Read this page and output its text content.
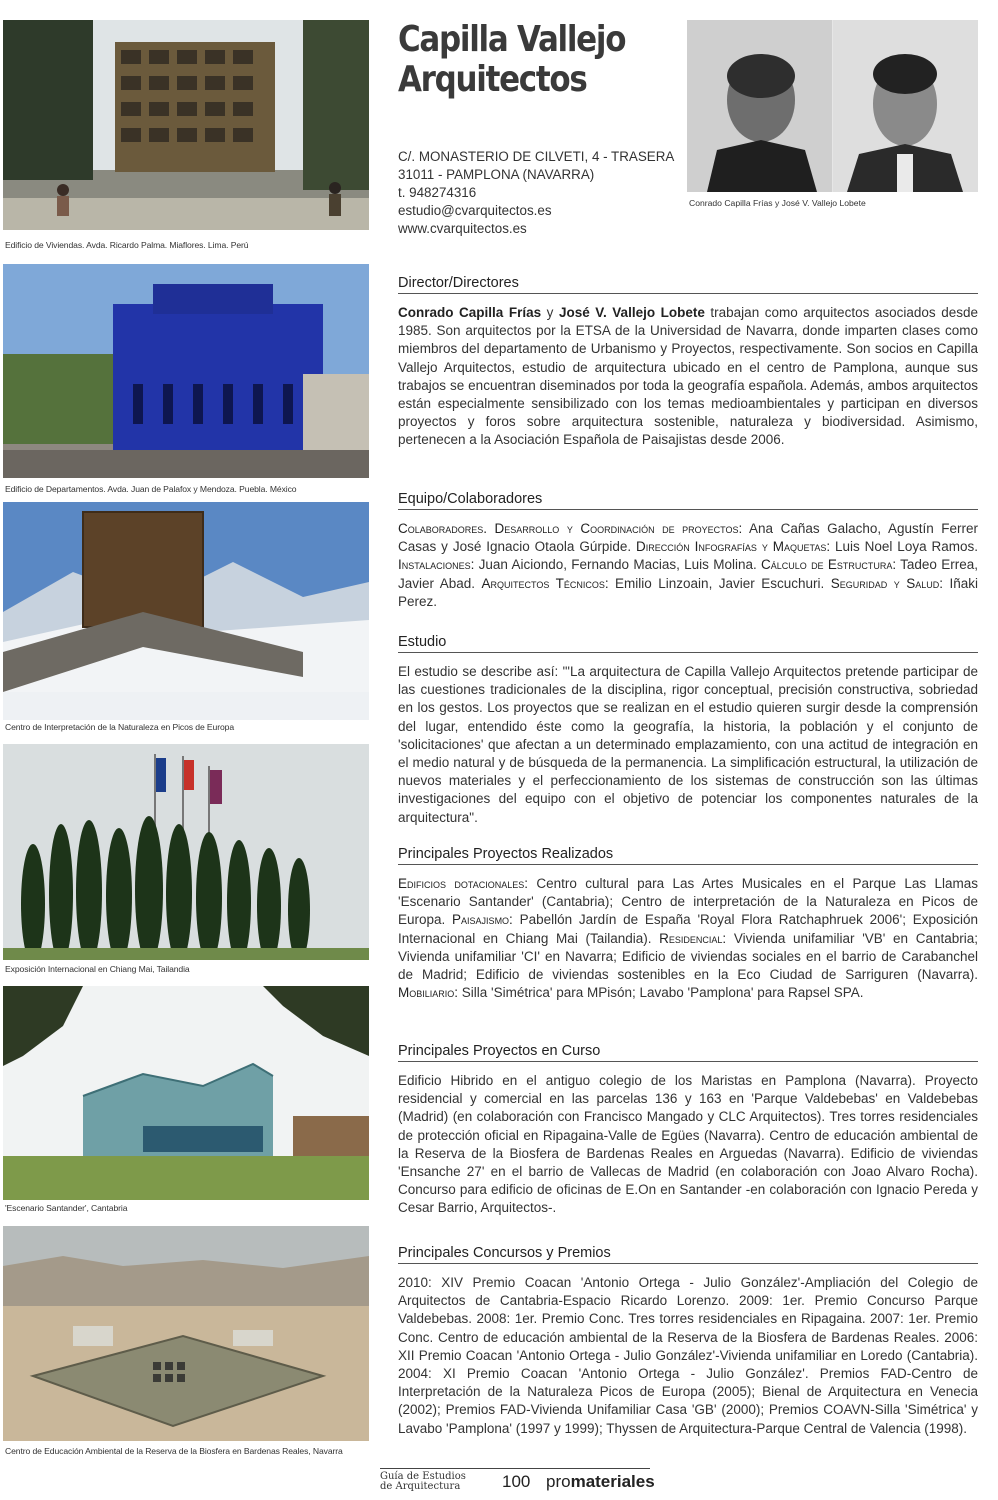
Edificio de Viviendas. Avda. Ricardo Palma. Miaflores. Lima. Perú
Edificio de Departamentos. Avda. Juan de Palafox y Mendoza. Puebla. México
Centro de Interpretación de la Naturaleza en Picos de Europa
Exposición Internacional en Chiang Mai, Tailandia
'Escenario Santander', Cantabria
Centro de Educación Ambiental de la Reserva de la Biosfera en Bardenas Reales, Navarra
Capilla Vallejo
Arquitectos
C/. MONASTERIO DE CILVETI, 4 - TRASERA
31011 - PAMPLONA (NAVARRA)
t. 948274316
estudio@cvarquitectos.es
www.cvarquitectos.es
Conrado Capilla Frías y José V. Vallejo Lobete
Director/Directores
Conrado Capilla Frías y José V. Vallejo Lobete trabajan como arquitectos asociados desde 1985. Son arquitectos por la ETSA de la Universidad de Navarra, donde imparten clases como miembros del departamento de Urbanismo y Proyectos, respectivamente. Son socios en Capilla Vallejo Arquitectos, estudio de arquitectura ubicado en el centro de Pamplona, aunque sus trabajos se encuentran diseminados por toda la geografía española. Además, ambos arquitectos están especialmente sensibilizado con los temas medioambientales y participan en diversos proyectos y foros sobre arquitectura sostenible, naturaleza y biodiversidad. Asimismo, pertenecen a la Asociación Española de Paisajistas desde 2006.
Equipo/Colaboradores
Colaboradores. Desarrollo y Coordinación de proyectos: Ana Cañas Galacho, Agustín Ferrer Casas y José Ignacio Otaola Gúrpide. Dirección Infografías y Maquetas: Luis Noel Loya Ramos. Instalaciones: Juan Aiciondo, Fernando Macias, Luis Molina. Cálculo de Estructura: Tadeo Errea, Javier Abad. Arquitectos Técnicos: Emilio Linzoain, Javier Escuchuri. Seguridad y Salud: Iñaki Perez.
Estudio
El estudio se describe así: "'La arquitectura de Capilla Vallejo Arquitectos pretende participar de las cuestiones tradicionales de la disciplina, rigor conceptual, precisión constructiva, sobriedad en los gestos. Los proyectos que se realizan en el estudio quieren surgir desde la comprensión del lugar, entendido éste como la geografía, la historia, la población y el conjunto de 'solicitaciones' que afectan a un determinado emplazamiento, con una actitud de integración en el medio natural y de búsqueda de la permanencia. La simplificación estructural, la utilización de nuevos materiales y el perfeccionamiento de los sistemas de construcción son las últimas investigaciones del equipo con el objetivo de potenciar los componentes naturales de la arquitectura".
Principales Proyectos Realizados
Edificios dotacionales: Centro cultural para Las Artes Musicales en el Parque Las Llamas 'Escenario Santander' (Cantabria); Centro de interpretación de la Naturaleza en Picos de Europa. Paisajismo: Pabellón Jardín de España 'Royal Flora Ratchaphruek 2006'; Exposición Internacional en Chiang Mai (Tailandia). Residencial: Vivienda unifamiliar 'VB' en Cantabria; Vivienda unifamiliar 'CI' en Navarra; Edificio de viviendas sociales en el barrio de Carabanchel de Madrid; Edificio de viviendas sostenibles en la Eco Ciudad de Sarriguren (Navarra). Mobiliario: Silla 'Simétrica' para MPisón; Lavabo 'Pamplona' para Rapsel SPA.
Principales Proyectos en Curso
Edificio Hibrido en el antiguo colegio de los Maristas en Pamplona (Navarra). Proyecto residencial y comercial en las parcelas 136 y 163 en 'Parque Valdebebas' en Valdebebas (Madrid) (en colaboración con Francisco Mangado y CLC Arquitectos). Tres torres residenciales de protección oficial en Ripagaina-Valle de Egües (Navarra). Centro de educación ambiental de la Reserva de la Biosfera de Bardenas Reales en Arguedas (Navarra). Edificio de viviendas 'Ensanche 27' en el barrio de Vallecas de Madrid (en colaboración con Joao Alvaro Rocha). Concurso para edificio de oficinas de E.On en Santander -en colaboración con Ignacio Pereda y Cesar Barrio, Arquitectos-.
Principales Concursos y Premios
2010: XIV Premio Coacan 'Antonio Ortega - Julio González'-Ampliación del Colegio de Arquitectos de Cantabria-Espacio Ricardo Lorenzo. 2009: 1er. Premio Concurso Parque Valdebebas. 2008: 1er. Premio Conc. Tres torres residenciales en Ripagaina. 2007: 1er. Premio Conc. Centro de educación ambiental de la Reserva de la Biosfera de Bardenas Reales. 2006: XII Premio Coacan 'Antonio Ortega - Julio González'-Vivienda unifamiliar en Loredo (Cantabria). 2004: XI Premio Coacan 'Antonio Ortega - Julio González'. Premios FAD-Centro de Interpretación de la Naturaleza Picos de Europa (2005); Bienal de Arquitectura en Venecia (2002); Premios FAD-Vivienda Unifamiliar Casa 'GB' (2000); Premios COAVN-Silla 'Simétrica' y Lavabo 'Pamplona' (1997 y 1999); Thyssen de Arquitectura-Parque Central de Valencia (1998).
Guía de Estudios
de Arquitectura	100 promateriales
